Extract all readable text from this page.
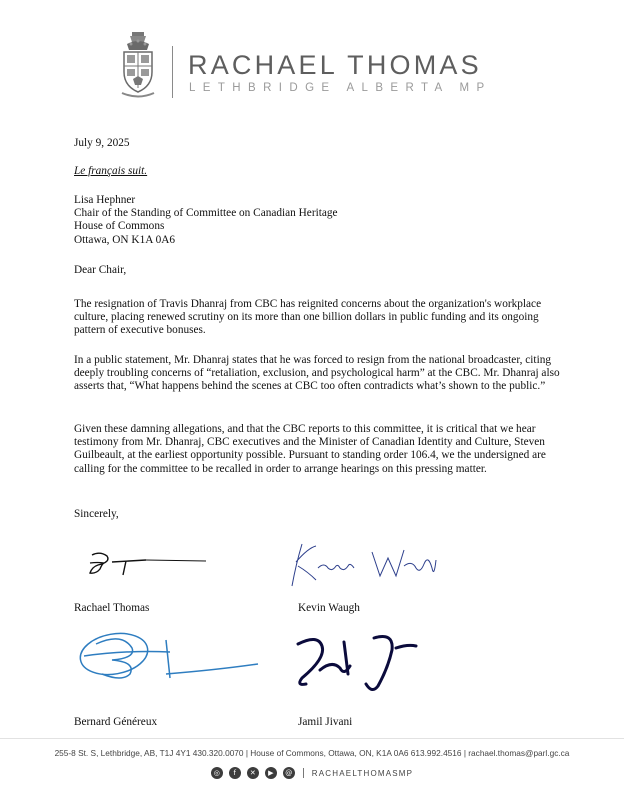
RACHAEL THOMAS
LETHBRIDGE ALBERTA MP
July 9, 2025
Le français suit.
Lisa Hephner
Chair of the Standing of Committee on Canadian Heritage
House of Commons
Ottawa, ON K1A 0A6
Dear Chair,
The resignation of Travis Dhanraj from CBC has reignited concerns about the organization's workplace culture, placing renewed scrutiny on its more than one billion dollars in public funding and its ongoing pattern of executive bonuses.
In a public statement, Mr. Dhanraj states that he was forced to resign from the national broadcaster, citing deeply troubling concerns of “retaliation, exclusion, and psychological harm” at the CBC. Mr. Dhanraj also asserts that, “What happens behind the scenes at CBC too often contradicts what’s shown to the public.”
Given these damning allegations, and that the CBC reports to this committee, it is critical that we hear testimony from Mr. Dhanraj, CBC executives and the Minister of Canadian Identity and Culture, Steven Guilbeault, at the earliest opportunity possible. Pursuant to standing order 106.4, we the undersigned are calling for the committee to be recalled in order to arrange hearings on this pressing matter.
Sincerely,
Rachael Thomas	Kevin Waugh
Bernard Généreux	Jamil Jivani
255-8 St. S, Lethbridge, AB, T1J 4Y1 430.320.0070 | House of Commons, Ottawa, ON, K1A 0A6 613.992.4516 | rachael.thomas@parl.gc.ca
◎	f	✕	▶	@	RACHAELTHOMASMP
